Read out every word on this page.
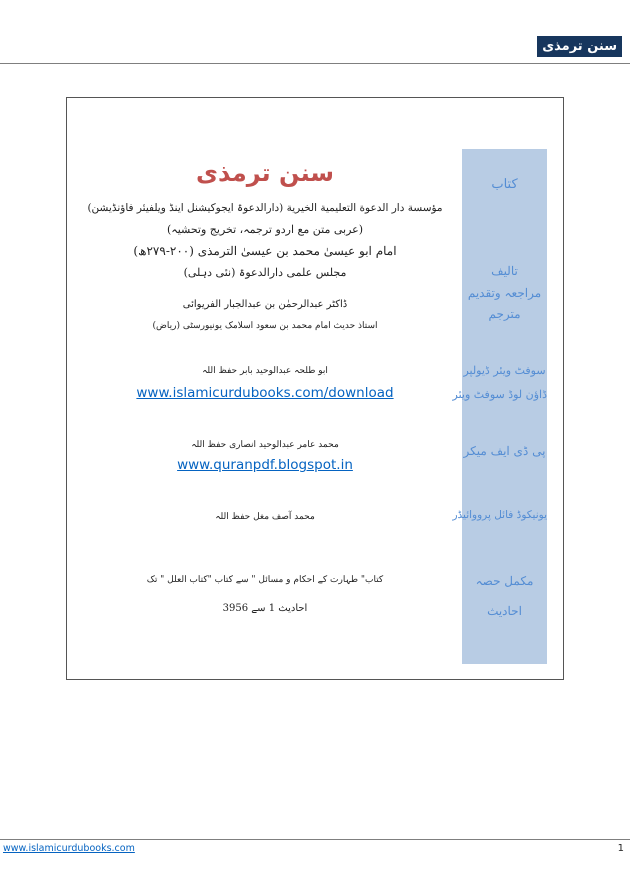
سنن ترمذی
کتاب
تالیف
مراجعہ وتقدیم
مترجم
سوفٹ ویئر ڈیولپر
ڈاؤن لوڈ سوفٹ ویئر
پی ڈی ایف میکر
یونیکوڈ فائل پرووائیڈر
مکمل حصہ
احادیث
سنن ترمذی
مؤسسة دار الدعوة التعليمية الخيرية (دارالدعوۃ ایجوکیشنل اینڈ ویلفیئر فاؤنڈیشن)
(عربی متن مع اردو ترجمہ، تخریج وتحشیہ)
امام ابو عیسیٰ محمد بن عیسیٰ الترمذی (۲۰۰-۲۷۹ھ)
مجلس علمی دارالدعوۃ (نئی دہلی)
ڈاکٹر عبدالرحمٰن بن عبدالجبار الفریوائی
استاذ حدیث امام محمد بن سعود اسلامک یونیورسٹی (ریاض)
ابو طلحہ عبدالوحید بابر حفظ اللہ
www.islamicurdubooks.com/download
محمد عامر عبدالوحید انصاری حفظ اللہ
www.quranpdf.blogspot.in
محمد آصف مغل حفظ اللہ
کتاب" طہارت کے احکام و مسائل " سے کتاب "کتاب العلل " تک
احادیث 1 سے 3956
www.islamicurdubooks.com	1
